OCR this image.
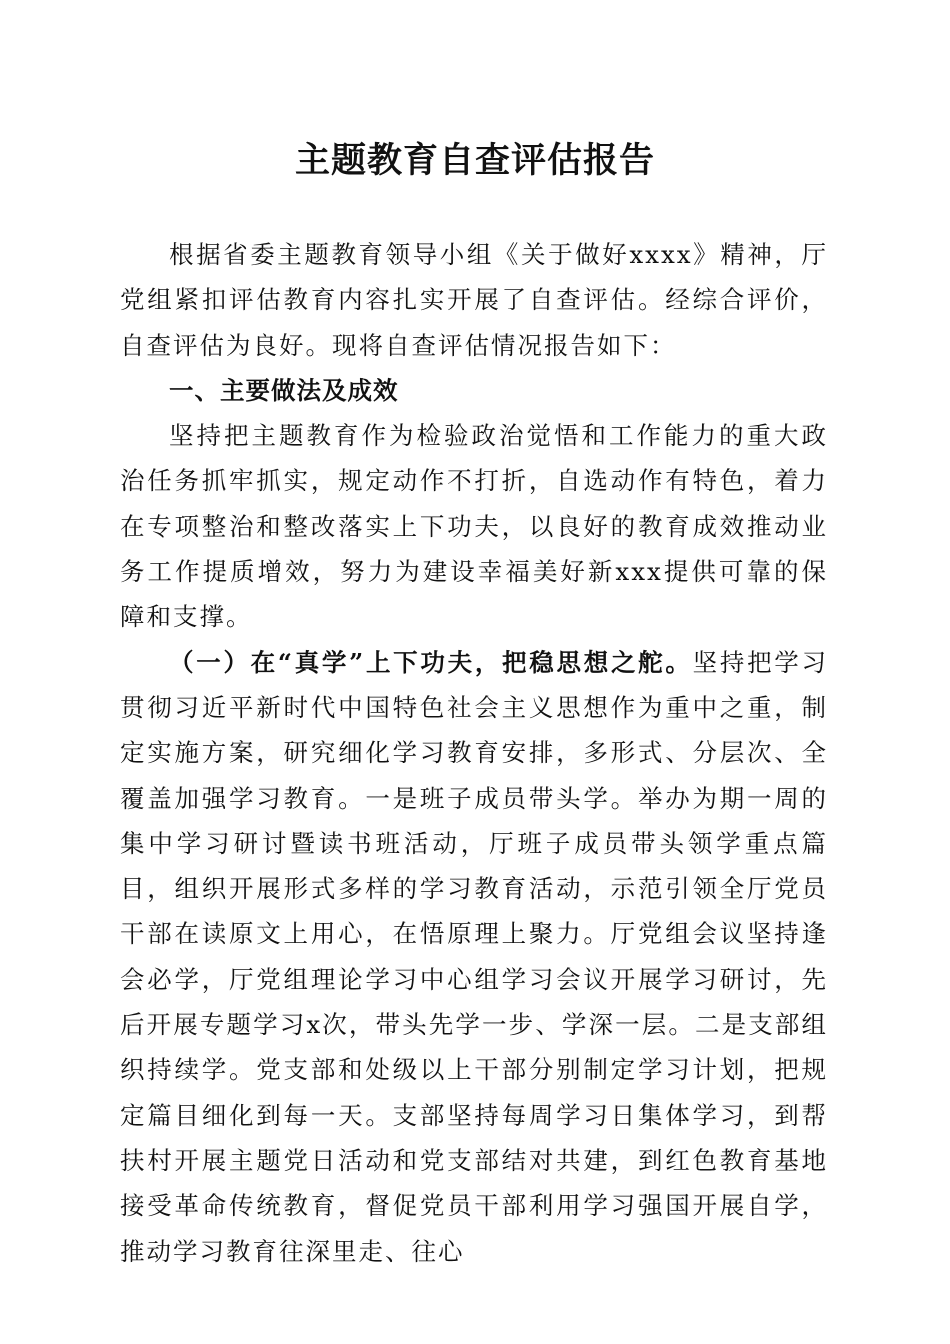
主题教育自查评估报告

根据省委主题教育领导小组《关于做好xxxx》精神，厅党组紧扣评估教育内容扎实开展了自查评估。经综合评价，自查评估为良好。现将自查评估情况报告如下：

一、主要做法及成效

坚持把主题教育作为检验政治觉悟和工作能力的重大政治任务抓牢抓实，规定动作不打折，自选动作有特色，着力在专项整治和整改落实上下功夫，以良好的教育成效推动业务工作提质增效，努力为建设幸福美好新xxx提供可靠的保障和支撑。

（一）在“真学”上下功夫，把稳思想之舵。坚持把学习贯彻习近平新时代中国特色社会主义思想作为重中之重，制定实施方案，研究细化学习教育安排，多形式、分层次、全覆盖加强学习教育。一是班子成员带头学。举办为期一周的集中学习研讨暨读书班活动，厅班子成员带头领学重点篇目，组织开展形式多样的学习教育活动，示范引领全厅党员干部在读原文上用心，在悟原理上聚力。厅党组会议坚持逢会必学，厅党组理论学习中心组学习会议开展学习研讨，先后开展专题学习x次，带头先学一步、学深一层。二是支部组织持续学。党支部和处级以上干部分别制定学习计划，把规定篇目细化到每一天。支部坚持每周学习日集体学习，到帮扶村开展主题党日活动和党支部结对共建，到红色教育基地接受革命传统教育，督促党员干部利用学习强国开展自学，推动学习教育往深里走、往心
